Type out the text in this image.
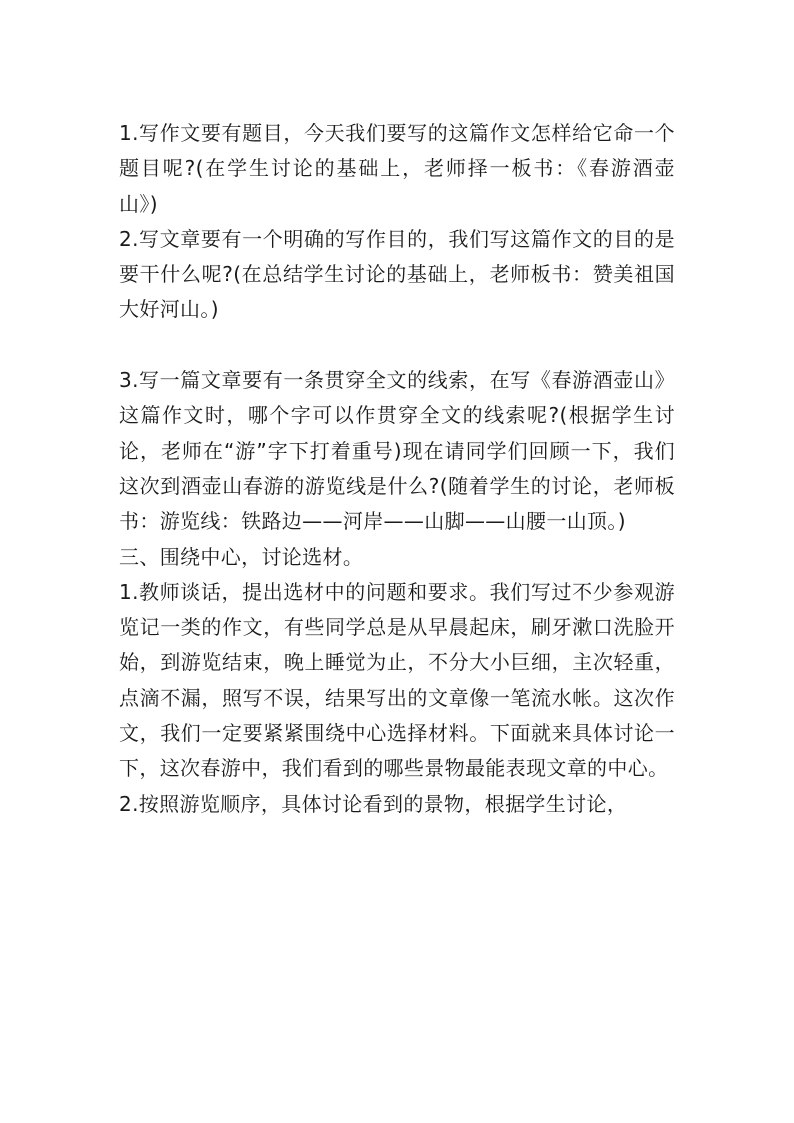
1.写作文要有题目，今天我们要写的这篇作文怎样给它命一个题目呢?(在学生讨论的基础上，老师择一板书：《春游酒壶山》)

2.写文章要有一个明确的写作目的，我们写这篇作文的目的是要干什么呢?(在总结学生讨论的基础上，老师板书：赞美祖国大好河山。)

3.写一篇文章要有一条贯穿全文的线索，在写《春游酒壶山》这篇作文时，哪个字可以作贯穿全文的线索呢?(根据学生讨论，老师在“游”字下打着重号)现在请同学们回顾一下，我们这次到酒壶山春游的游览线是什么?(随着学生的讨论，老师板书：游览线：铁路边——河岸——山脚——山腰一山顶。)

三、围绕中心，讨论选材。

1.教师谈话，提出选材中的问题和要求。我们写过不少参观游览记一类的作文，有些同学总是从早晨起床，刷牙漱口洗脸开始，到游览结束，晚上睡觉为止，不分大小巨细，主次轻重，点滴不漏，照写不误，结果写出的文章像一笔流水帐。这次作文，我们一定要紧紧围绕中心选择材料。下面就来具体讨论一下，这次春游中，我们看到的哪些景物最能表现文章的中心。

2.按照游览顺序，具体讨论看到的景物，根据学生讨论，
